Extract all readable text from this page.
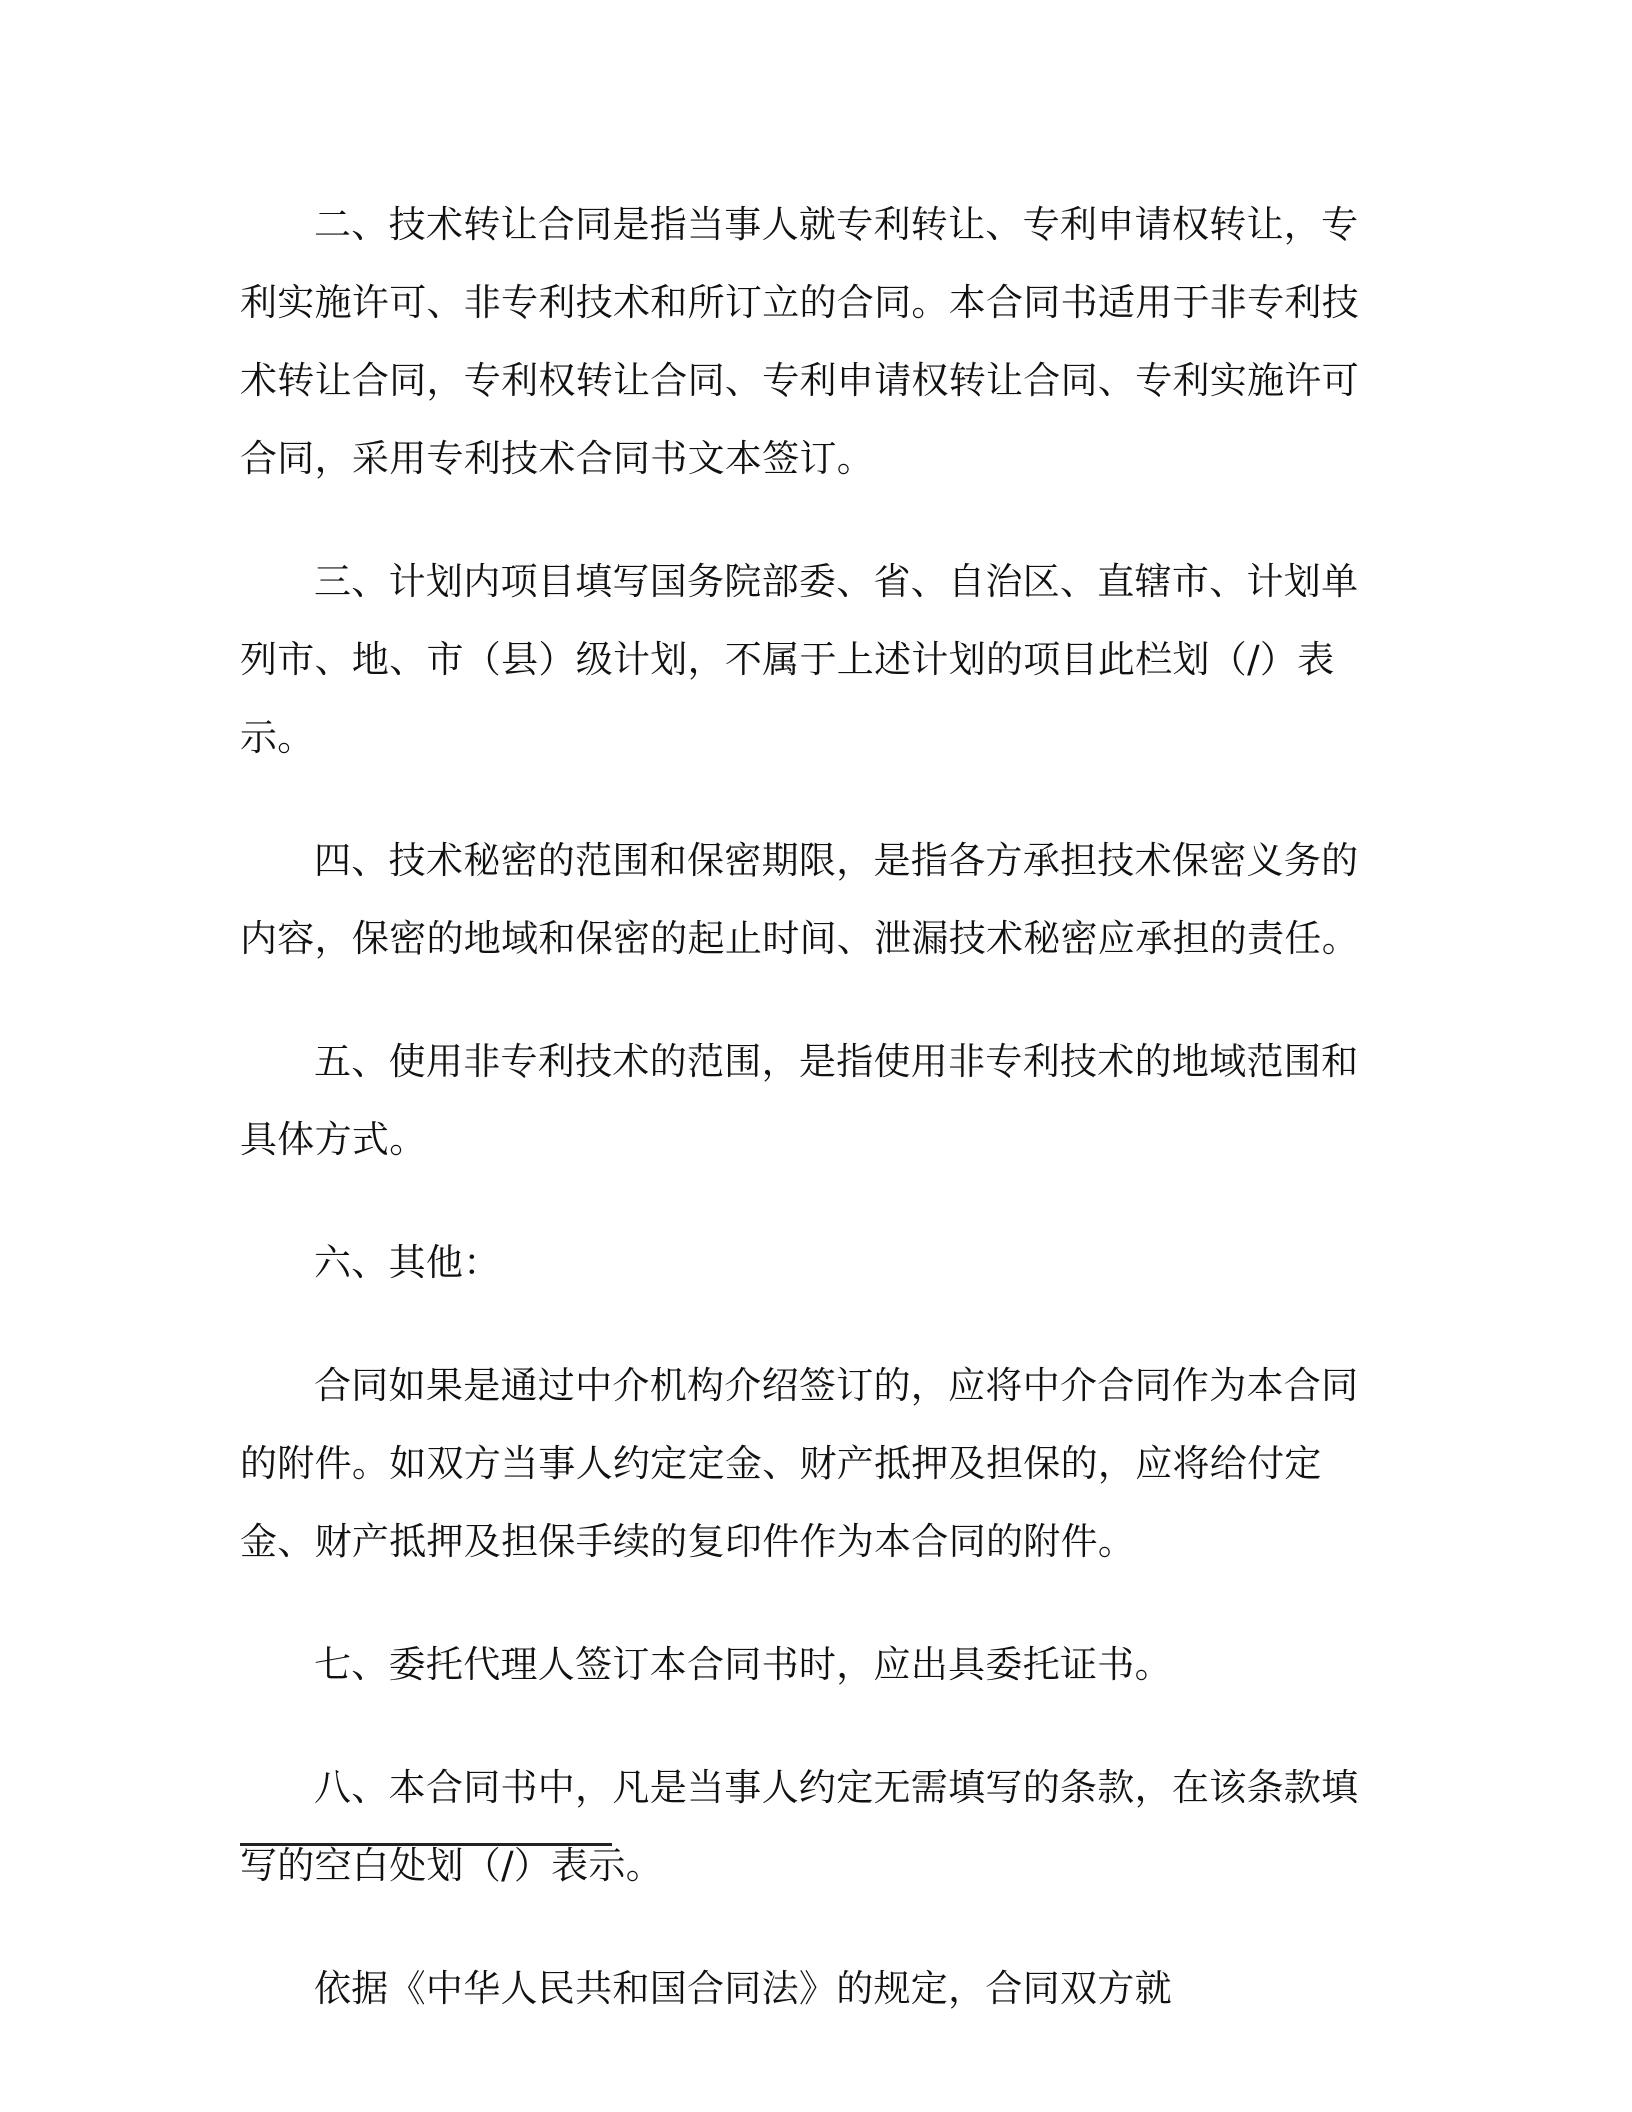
二、技术转让合同是指当事人就专利转让、专利申请权转让，专利实施许可、非专利技术和所订立的合同。本合同书适用于非专利技术转让合同，专利权转让合同、专利申请权转让合同、专利实施许可合同，采用专利技术合同书文本签订。

三、计划内项目填写国务院部委、省、自治区、直辖市、计划单列市、地、市（县）级计划，不属于上述计划的项目此栏划（/）表示。

四、技术秘密的范围和保密期限，是指各方承担技术保密义务的内容，保密的地域和保密的起止时间、泄漏技术秘密应承担的责任。

五、使用非专利技术的范围，是指使用非专利技术的地域范围和具体方式。

六、其他：

合同如果是通过中介机构介绍签订的，应将中介合同作为本合同的附件。如双方当事人约定定金、财产抵押及担保的，应将给付定金、财产抵押及担保手续的复印件作为本合同的附件。

七、委托代理人签订本合同书时，应出具委托证书。

八、本合同书中，凡是当事人约定无需填写的条款，在该条款填写的空白处划（/）表示。

依据《中华人民共和国合同法》的规定，合同双方就
